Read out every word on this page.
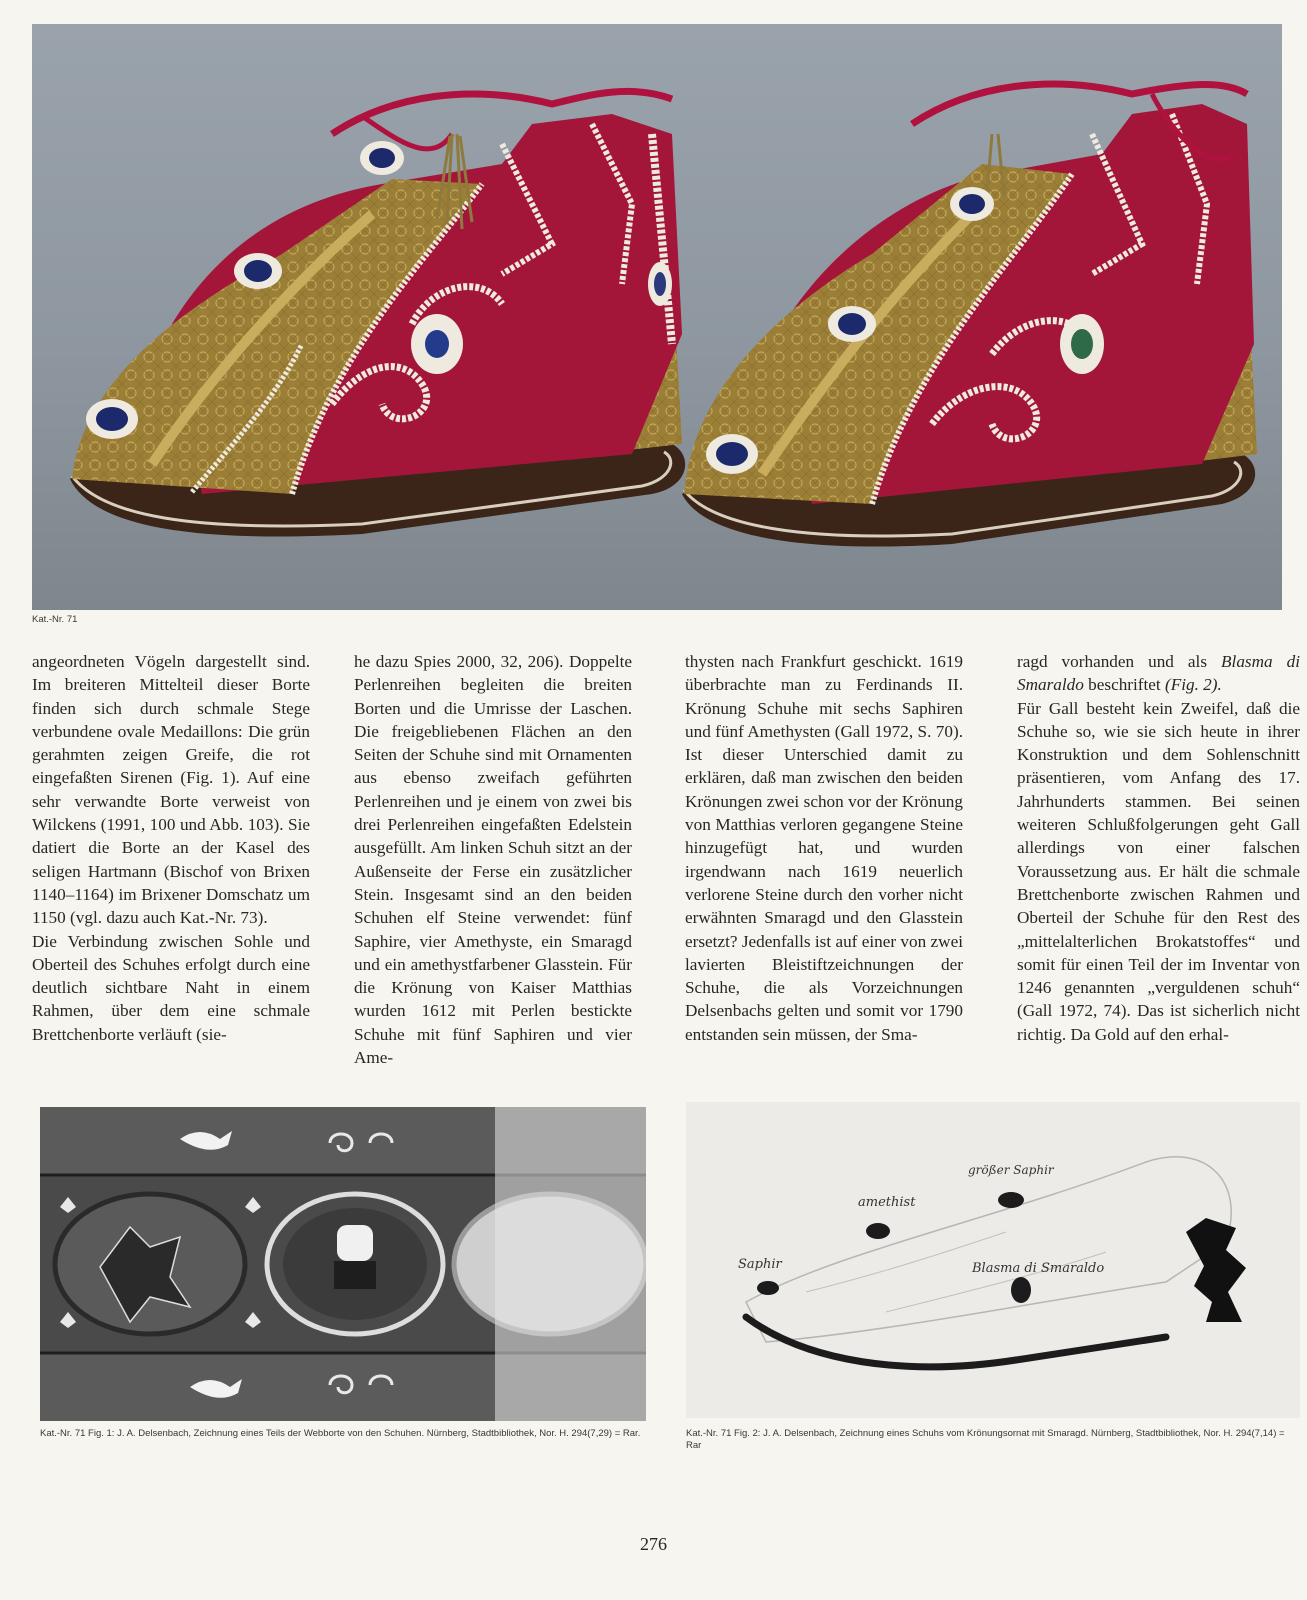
Kat.-Nr. 71
angeordneten Vögeln dargestellt sind. Im breiteren Mittelteil dieser Borte finden sich durch schmale Stege verbundene ovale Medaillons: Die grün gerahmten zeigen Greife, die rot eingefaßten Sirenen (Fig. 1). Auf eine sehr verwandte Borte verweist von Wilckens (1991, 100 und Abb. 103). Sie datiert die Borte an der Kasel des seligen Hartmann (Bischof von Brixen 1140–1164) im Brixener Domschatz um 1150 (vgl. dazu auch Kat.-Nr. 73).
Die Verbindung zwischen Sohle und Oberteil des Schuhes erfolgt durch eine deutlich sichtbare Naht in einem Rahmen, über dem eine schmale Brettchenborte verläuft (sie-
he dazu Spies 2000, 32, 206). Doppelte Perlenreihen begleiten die breiten Borten und die Umrisse der Laschen. Die freigebliebenen Flächen an den Seiten der Schuhe sind mit Ornamenten aus ebenso zweifach geführten Perlenreihen und je einem von zwei bis drei Perlenreihen eingefaßten Edelstein ausgefüllt. Am linken Schuh sitzt an der Außenseite der Ferse ein zusätzlicher Stein. Insgesamt sind an den beiden Schuhen elf Steine verwendet: fünf Saphire, vier Amethyste, ein Smaragd und ein amethystfarbener Glasstein. Für die Krönung von Kaiser Matthias wurden 1612 mit Perlen bestickte Schuhe mit fünf Saphiren und vier Ame-
thysten nach Frankfurt geschickt. 1619 überbrachte man zu Ferdinands II. Krönung Schuhe mit sechs Saphiren und fünf Amethysten (Gall 1972, S. 70). Ist dieser Unterschied damit zu erklären, daß man zwischen den beiden Krönungen zwei schon vor der Krönung von Matthias verloren gegangene Steine hinzugefügt hat, und wurden irgendwann nach 1619 neuerlich verlorene Steine durch den vorher nicht erwähnten Smaragd und den Glasstein ersetzt? Jedenfalls ist auf einer von zwei lavierten Bleistiftzeichnungen der Schuhe, die als Vorzeichnungen Delsenbachs gelten und somit vor 1790 entstanden sein müssen, der Sma-
ragd vorhanden und als Blasma di Smaraldo beschriftet (Fig. 2).
Für Gall besteht kein Zweifel, daß die Schuhe so, wie sie sich heute in ihrer Konstruktion und dem Sohlenschnitt präsentieren, vom Anfang des 17. Jahrhunderts stammen. Bei seinen weiteren Schlußfolgerungen geht Gall allerdings von einer falschen Voraussetzung aus. Er hält die schmale Brettchenborte zwischen Rahmen und Oberteil der Schuhe für den Rest des „mittelalterlichen Brokatstoffes“ und somit für einen Teil der im Inventar von 1246 genannten „verguldenen schuh“ (Gall 1972, 74). Das ist sicherlich nicht richtig. Da Gold auf den erhal-
Kat.-Nr. 71 Fig. 1: J. A. Delsenbach, Zeichnung eines Teils der Webborte von den Schuhen. Nürnberg, Stadtbibliothek, Nor. H. 294(7,29) = Rar.
Saphir
amethist
größer Saphir
Blasma di Smaraldo
Kat.-Nr. 71 Fig. 2: J. A. Delsenbach, Zeichnung eines Schuhs vom Krönungsornat mit Smaragd. Nürnberg, Stadtbibliothek, Nor. H. 294(7,14) = Rar
276
